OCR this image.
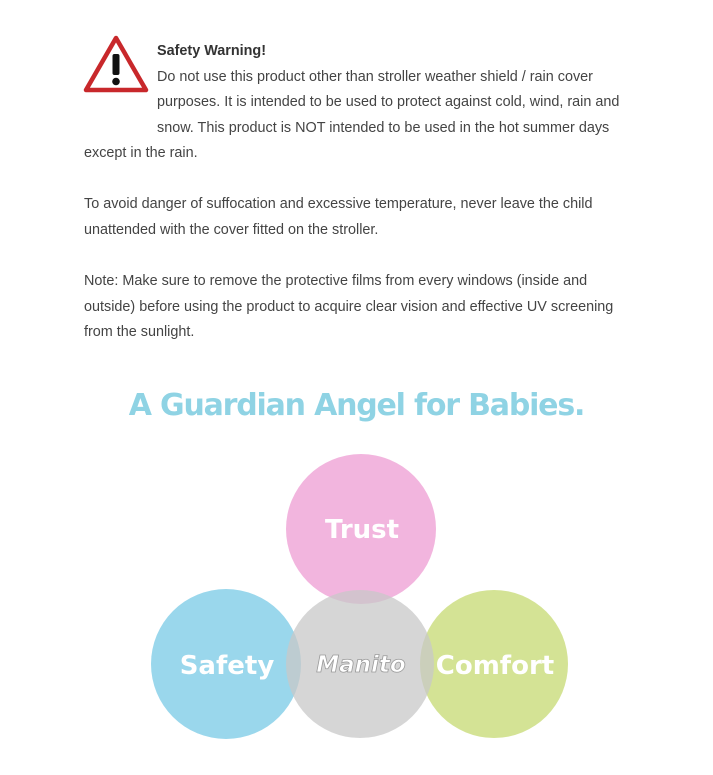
Safety Warning!
Do not use this product other than stroller weather shield / rain cover
purposes. It is intended to be used to protect against cold, wind, rain and
snow. This product is NOT intended to be used in the hot summer days
except in the rain.
To avoid danger of suffocation and excessive temperature, never leave the child
unattended with the cover fitted on the stroller.
Note: Make sure to remove the protective films from every windows (inside and
outside) before using the product to acquire clear vision and effective UV screening
from the sunlight.
Trust
Safety Manito Comfort
A Guardian Angel for Babies.
